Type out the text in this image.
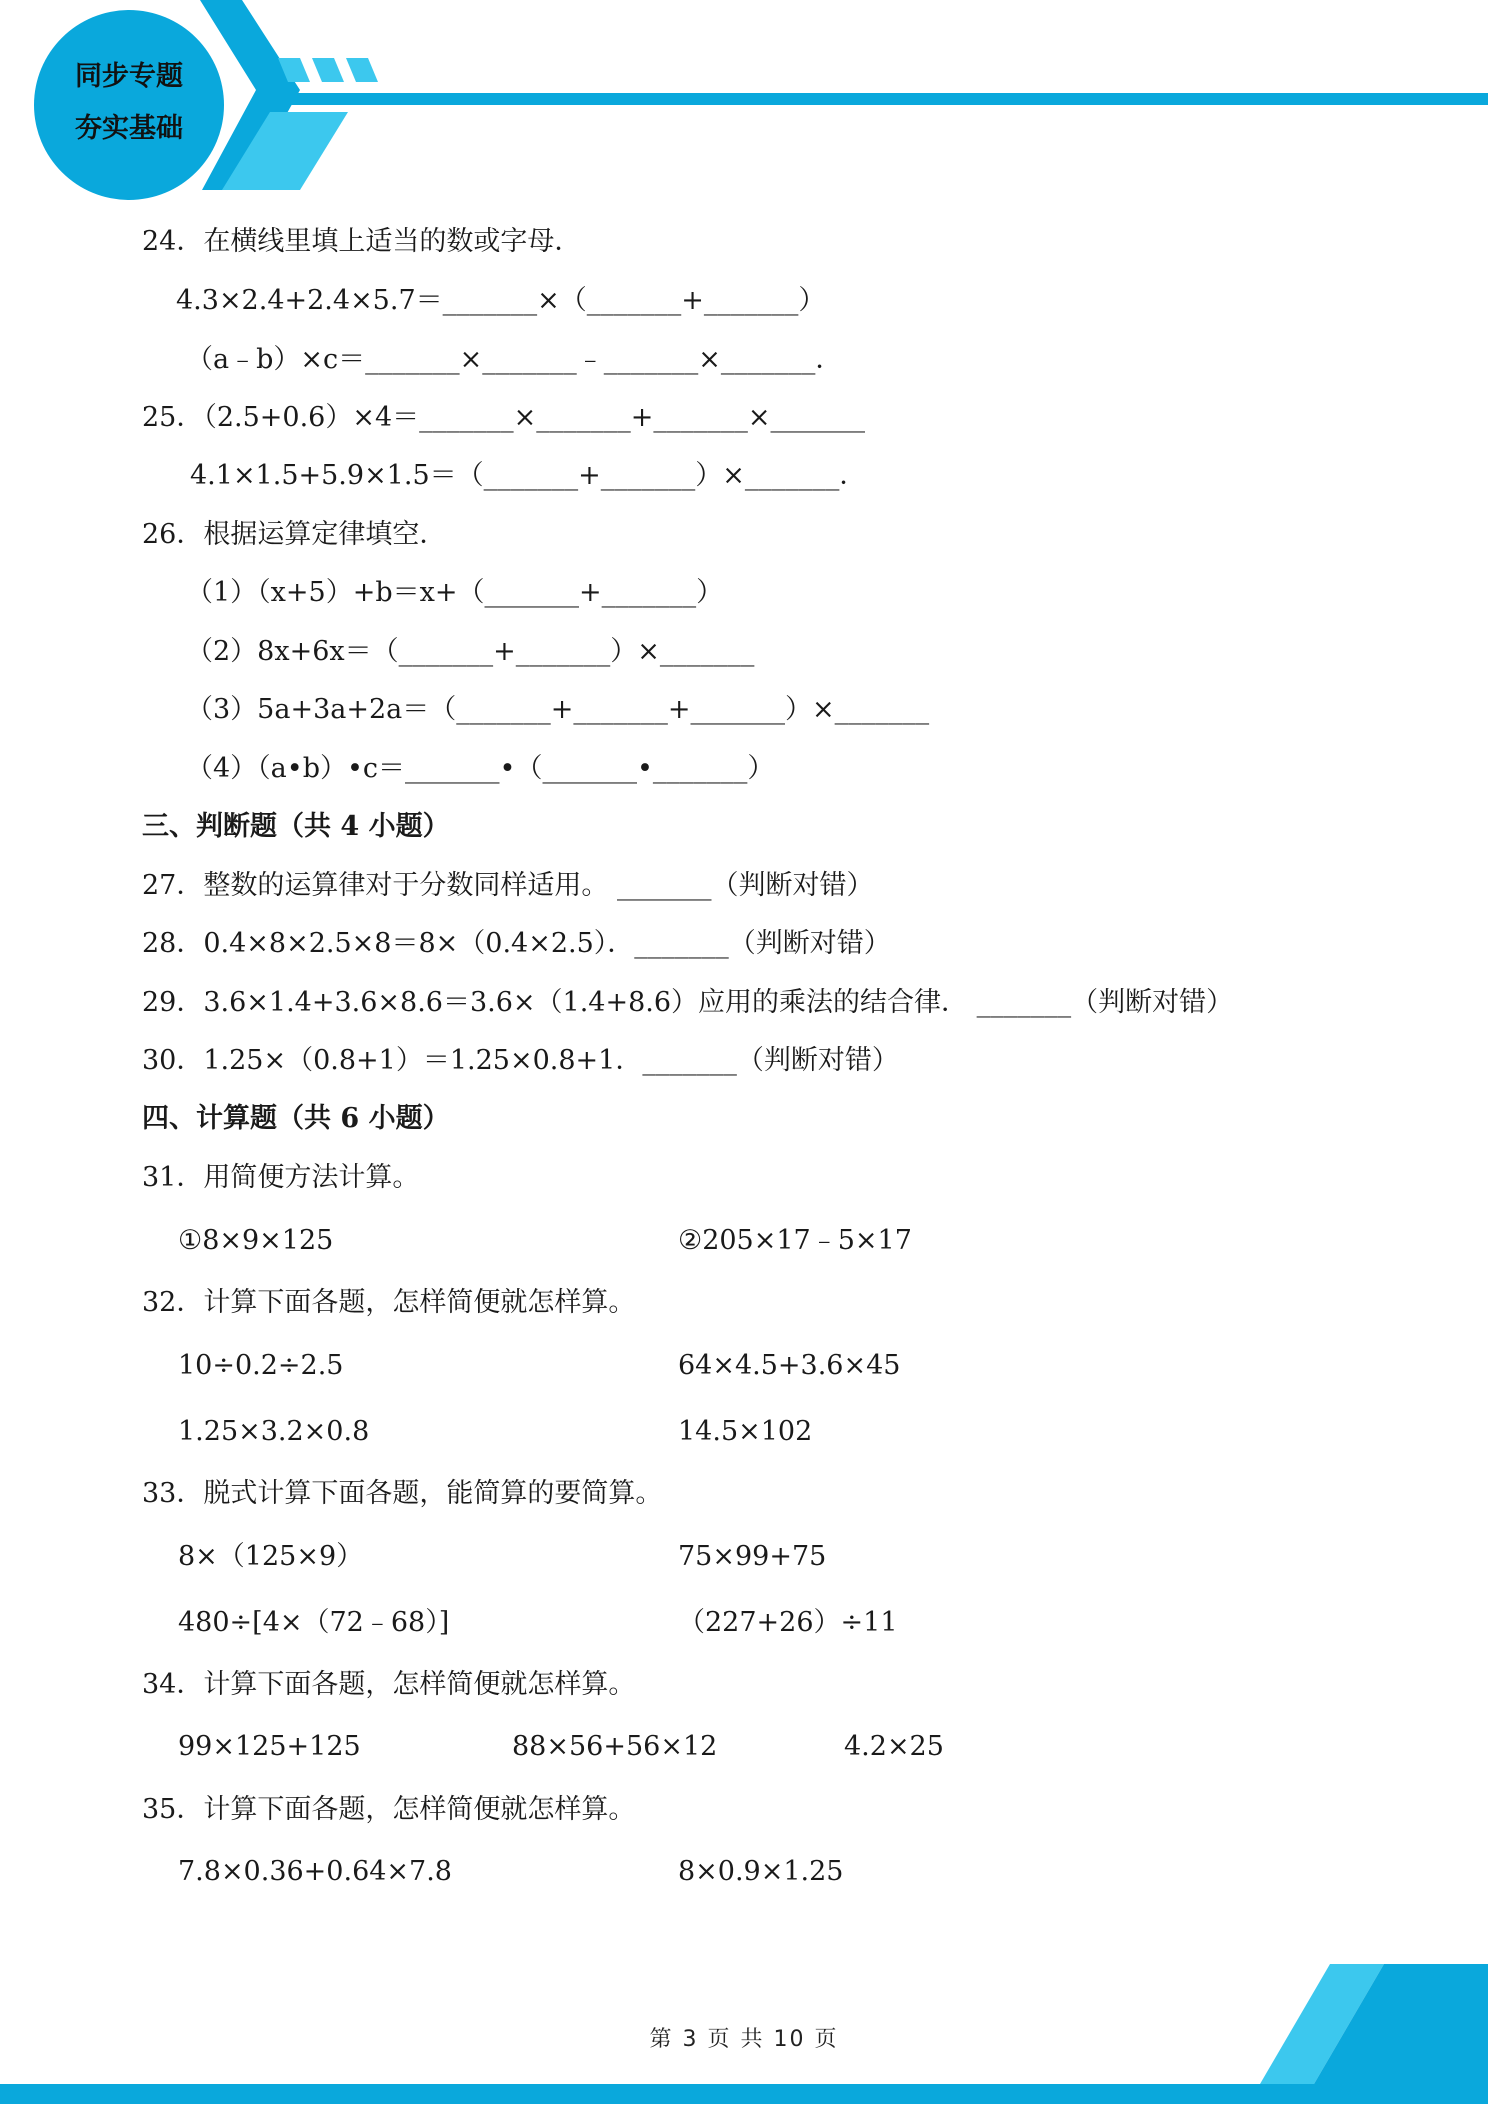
同步专题
夯实基础
24．在横线里填上适当的数或字母．
4.3×2.4+2.4×5.7＝_______×（_______+_______）
（a﹣b）×c＝_______×_______﹣_______×_______．
25．（2.5+0.6）×4＝_______×_______+_______×_______
4.1×1.5+5.9×1.5＝（_______+_______）×_______．
26．根据运算定律填空．
（1）（x+5）+b＝x+（_______+_______）
（2）8x+6x＝（_______+_______）×_______
（3）5a+3a+2a＝（_______+_______+_______）×_______
（4）（a•b）•c＝_______•（_______•_______）
三、判断题（共 4 小题）
27．整数的运算律对于分数同样适用。 _______（判断对错）
28．0.4×8×2.5×8＝8×（0.4×2.5）．_______（判断对错）
29．3.6×1.4+3.6×8.6＝3.6×（1.4+8.6）应用的乘法的结合律． _______（判断对错）
30．1.25×（0.8+1）＝1.25×0.8+1．_______（判断对错）
四、计算题（共 6 小题）
31．用简便方法计算。
①8×9×125	②205×17﹣5×17
32．计算下面各题，怎样简便就怎样算。
10÷0.2÷2.5	64×4.5+3.6×45
1.25×3.2×0.8	14.5×102
33．脱式计算下面各题，能简算的要简算。
8×（125×9）	75×99+75
480÷[4×（72﹣68）]	（227+26）÷11
34．计算下面各题，怎样简便就怎样算。
99×125+125	88×56+56×12	4.2×25
35．计算下面各题，怎样简便就怎样算。
7.8×0.36+0.64×7.8	8×0.9×1.25
第 3 页 共 10 页
